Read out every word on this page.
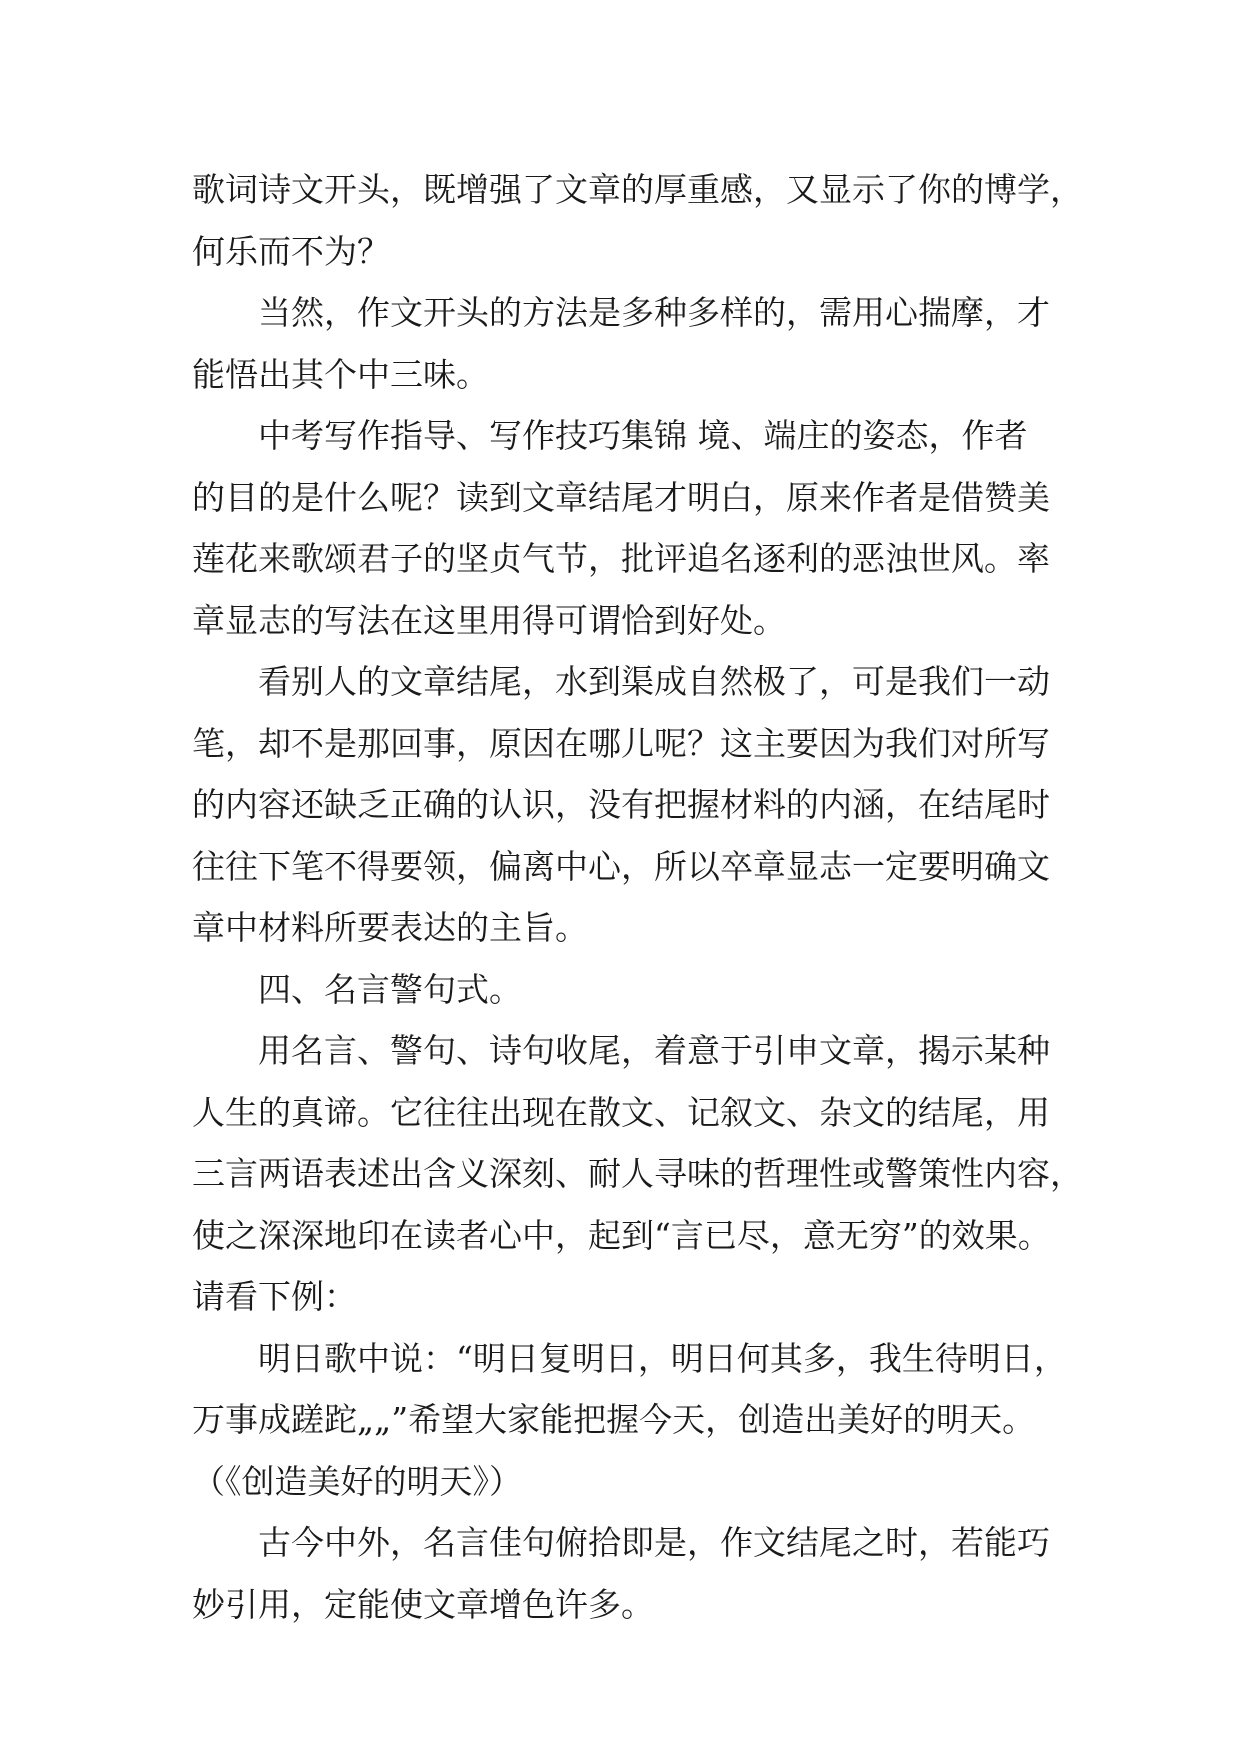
歌词诗文开头，既增强了文章的厚重感，又显示了你的博学，
何乐而不为？
当然，作文开头的方法是多种多样的，需用心揣摩，才
能悟出其个中三味。
中考写作指导、写作技巧集锦 境、端庄的姿态，作者
的目的是什么呢？读到文章结尾才明白，原来作者是借赞美
莲花来歌颂君子的坚贞气节，批评追名逐利的恶浊世风。率
章显志的写法在这里用得可谓恰到好处。
看别人的文章结尾，水到渠成自然极了，可是我们一动
笔，却不是那回事，原因在哪儿呢？这主要因为我们对所写
的内容还缺乏正确的认识，没有把握材料的内涵，在结尾时
往往下笔不得要领，偏离中心，所以卒章显志一定要明确文
章中材料所要表达的主旨。
四、名言警句式。
用名言、警句、诗句收尾，着意于引申文章，揭示某种
人生的真谛。它往往出现在散文、记叙文、杂文的结尾，用
三言两语表述出含义深刻、耐人寻味的哲理性或警策性内容，
使之深深地印在读者心中，起到“言已尽，意无穷”的效果。
请看下例：
明日歌中说：“明日复明日，明日何其多，我生待明日，
万事成蹉跎„„”希望大家能把握今天，创造出美好的明天。
（《创造美好的明天》）
古今中外，名言佳句俯拾即是，作文结尾之时，若能巧
妙引用，定能使文章增色许多。
